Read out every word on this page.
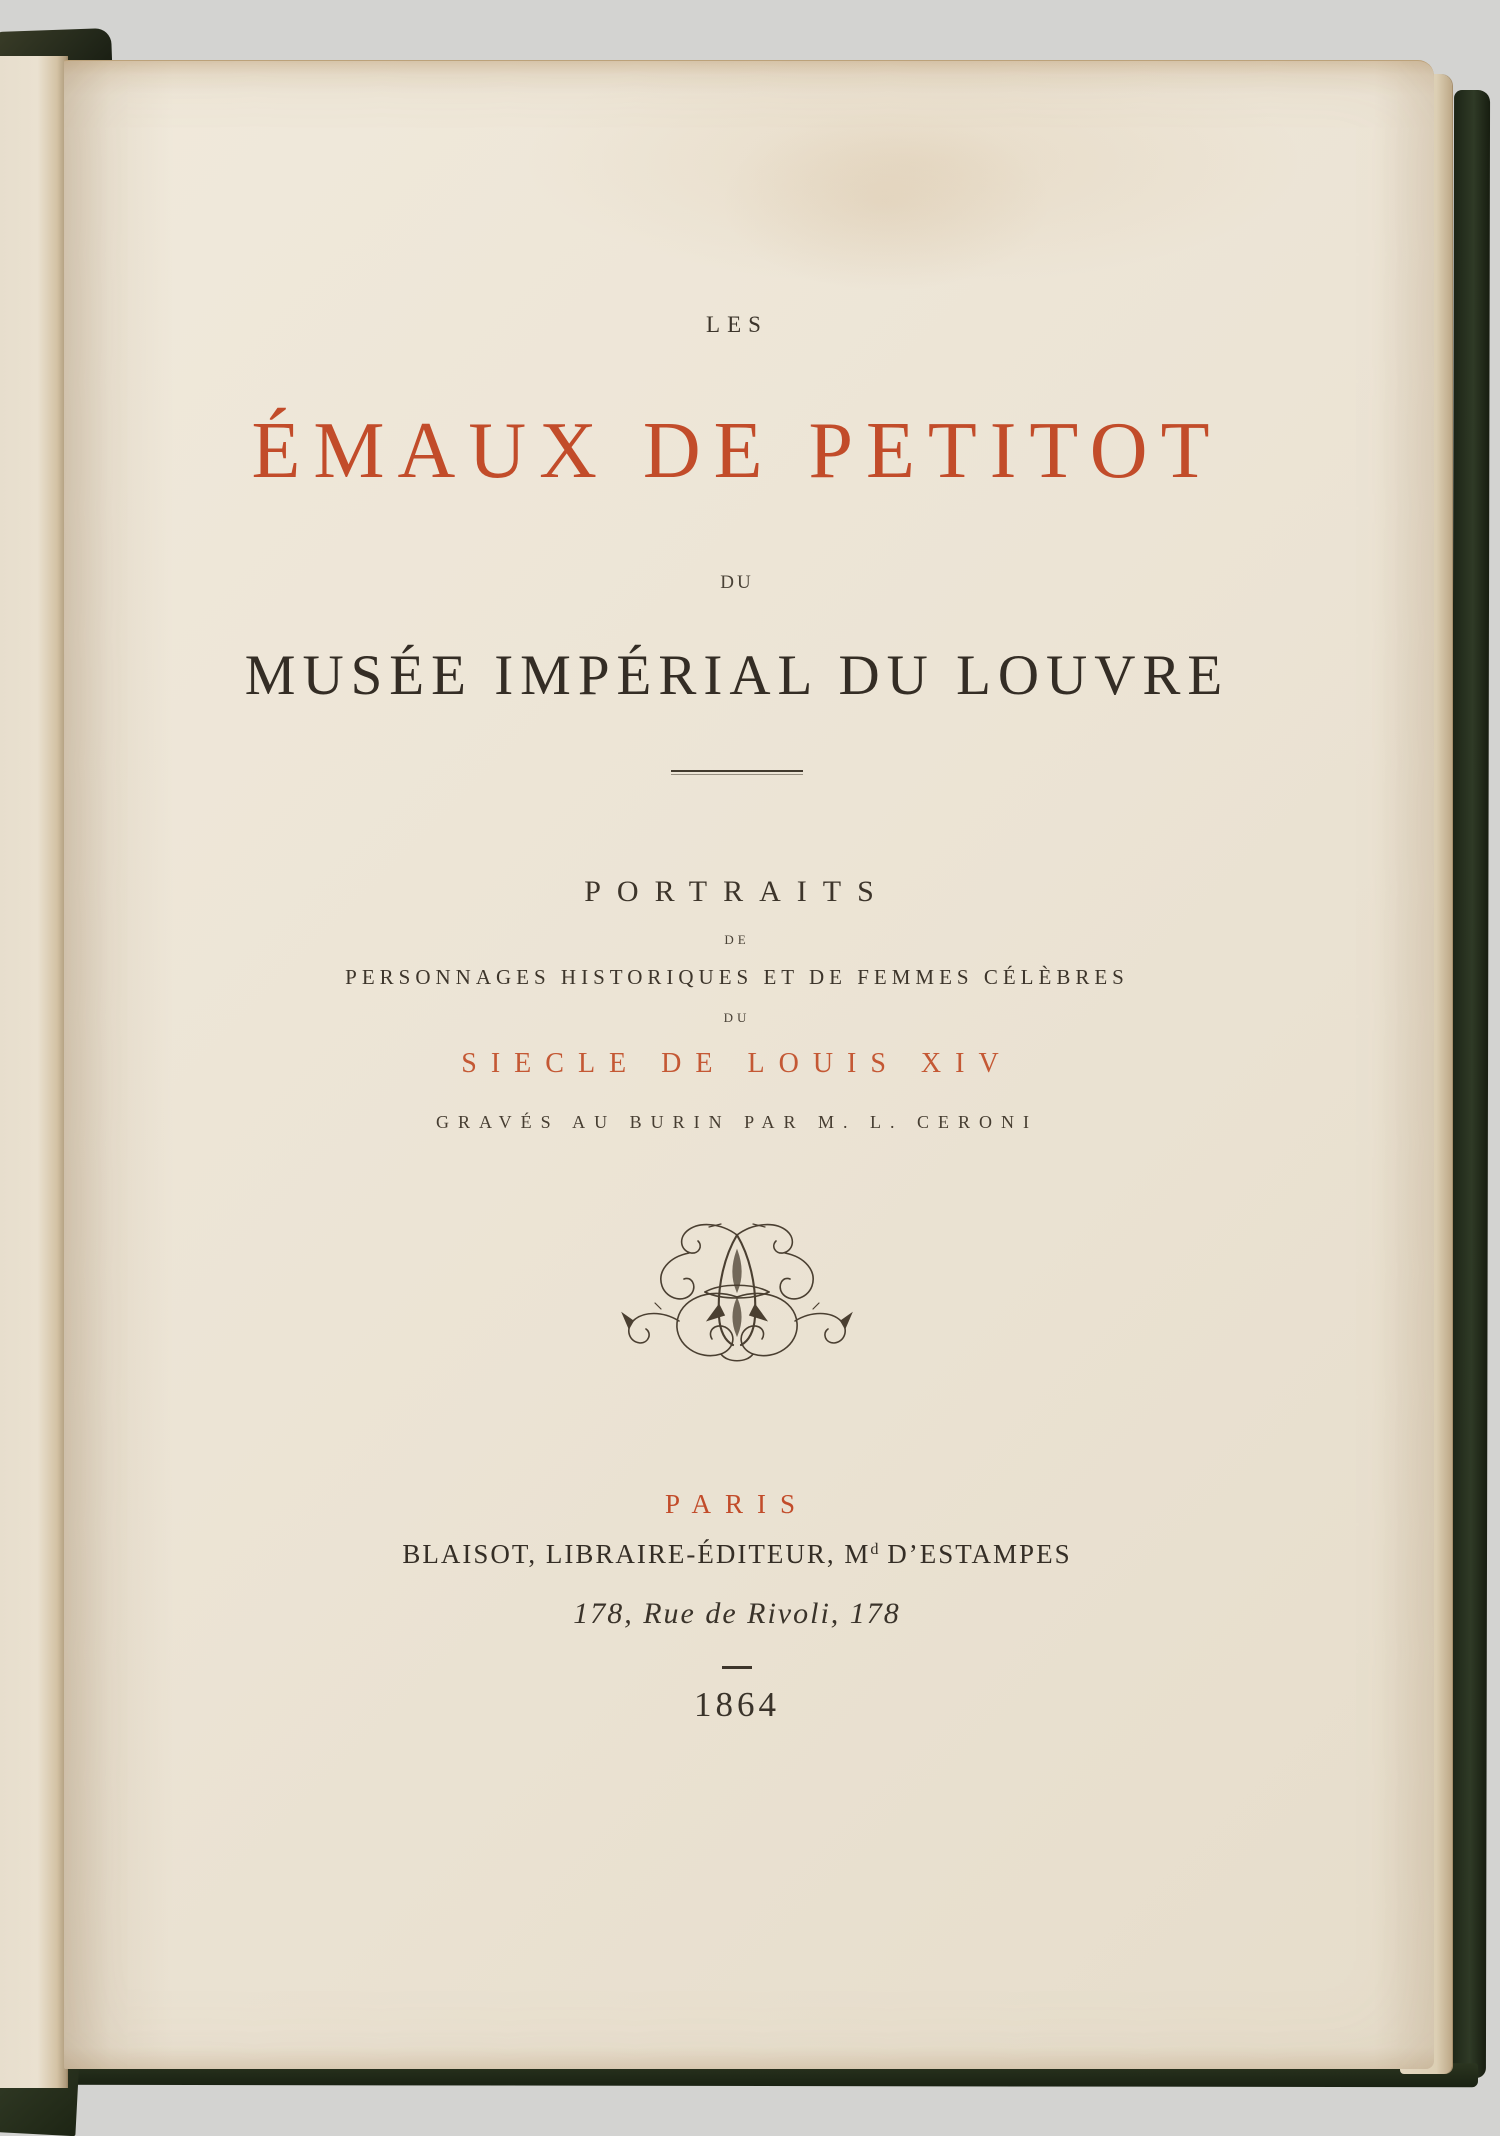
LES
ÉMAUX DE PETITOT
DU
MUSÉE IMPÉRIAL DU LOUVRE
PORTRAITS
DE
PERSONNAGES HISTORIQUES ET DE FEMMES CÉLÈBRES
DU
SIECLE DE LOUIS XIV
GRAVÉS AU BURIN PAR M. L. CERONI
PARIS
BLAISOT, LIBRAIRE-ÉDITEUR, $M^d$ D’ESTAMPES
178, Rue de Rivoli, 178
1864
